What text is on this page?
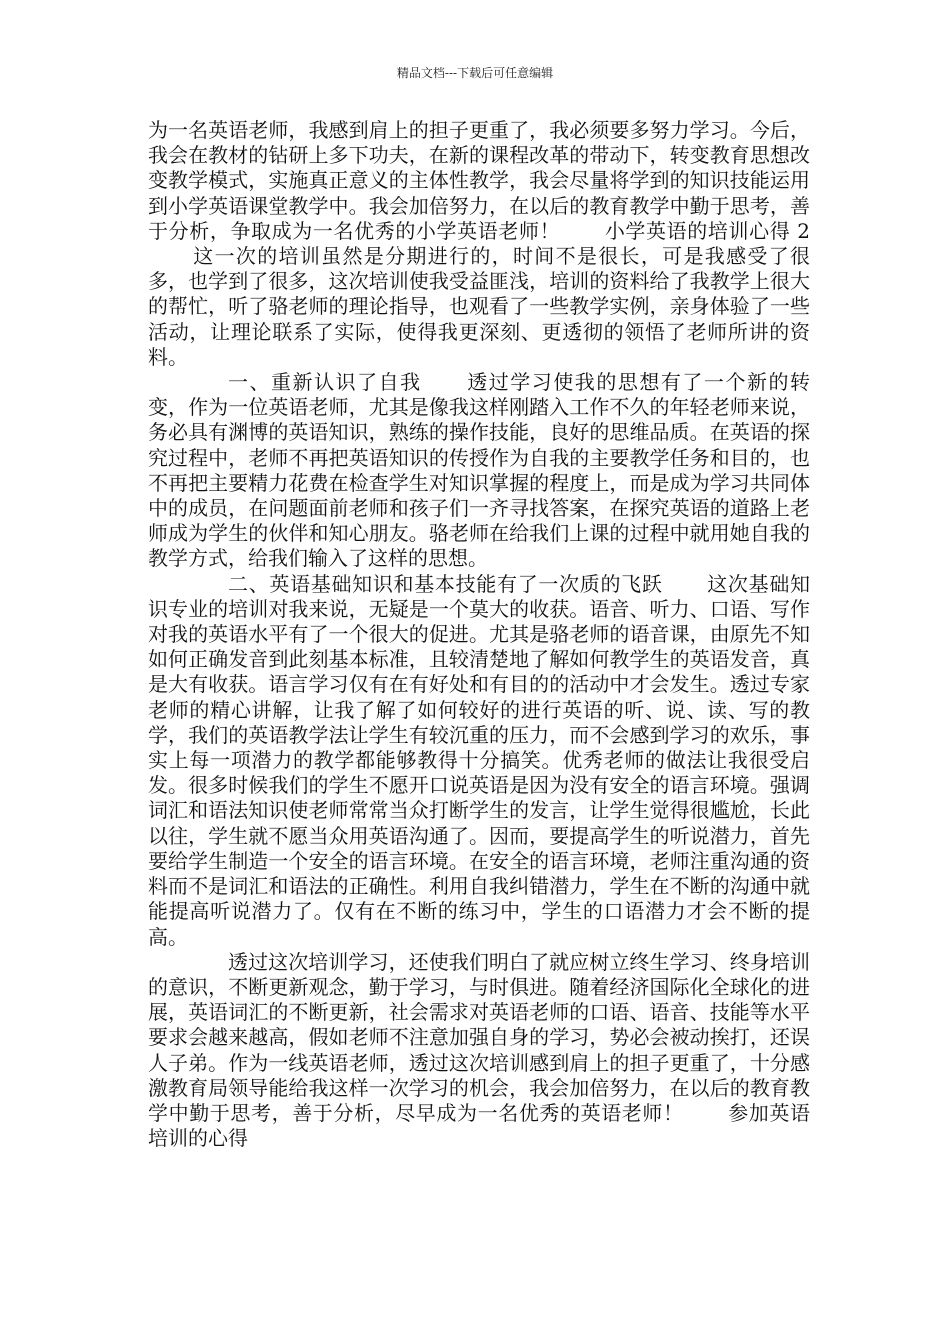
精品文档---下载后可任意编辑

为一名英语老师，我感到肩上的担子更重了，我必须要多努力学习。今后，我会在教材的钻研上多下功夫，在新的课程改革的带动下，转变教育思想改变教学模式，实施真正意义的主体性教学，我会尽量将学到的知识技能运用到小学英语课堂教学中。我会加倍努力，在以后的教育教学中勤于思考，善于分析，争取成为一名优秀的小学英语老师！ 小学英语的培训心得 2这一次的培训虽然是分期进行的，时间不是很长，可是我感受了很多，也学到了很多，这次培训使我受益匪浅，培训的资料给了我教学上很大的帮忙，听了骆老师的理论指导，也观看了一些教学实例，亲身体验了一些活动，让理论联系了实际，使得我更深刻、更透彻的领悟了老师所讲的资料。

一、重新认识了自我 透过学习使我的思想有了一个新的转变，作为一位英语老师，尤其是像我这样刚踏入工作不久的年轻老师来说，务必具有渊博的英语知识，熟练的操作技能，良好的思维品质。在英语的探究过程中，老师不再把英语知识的传授作为自我的主要教学任务和目的，也不再把主要精力花费在检查学生对知识掌握的程度上，而是成为学习共同体中的成员，在问题面前老师和孩子们一齐寻找答案，在探究英语的道路上老师成为学生的伙伴和知心朋友。骆老师在给我们上课的过程中就用她自我的教学方式，给我们输入了这样的思想。

二、英语基础知识和基本技能有了一次质的飞跃 这次基础知识专业的培训对我来说，无疑是一个莫大的收获。语音、听力、口语、写作对我的英语水平有了一个很大的促进。尤其是骆老师的语音课，由原先不知如何正确发音到此刻基本标准，且较清楚地了解如何教学生的英语发音，真是大有收获。语言学习仅有在有好处和有目的的活动中才会发生。透过专家老师的精心讲解，让我了解了如何较好的进行英语的听、说、读、写的教学，我们的英语教学法让学生有较沉重的压力，而不会感到学习的欢乐，事实上每一项潜力的教学都能够教得十分搞笑。优秀老师的做法让我很受启发。很多时候我们的学生不愿开口说英语是因为没有安全的语言环境。强调词汇和语法知识使老师常常当众打断学生的发言，让学生觉得很尴尬，长此以往，学生就不愿当众用英语沟通了。因而，要提高学生的听说潜力，首先要给学生制造一个安全的语言环境。在安全的语言环境，老师注重沟通的资料而不是词汇和语法的正确性。利用自我纠错潜力，学生在不断的沟通中就能提高听说潜力了。仅有在不断的练习中，学生的口语潜力才会不断的提高。

透过这次培训学习，还使我们明白了就应树立终生学习、终身培训的意识，不断更新观念，勤于学习，与时俱进。随着经济国际化全球化的进展，英语词汇的不断更新，社会需求对英语老师的口语、语音、技能等水平要求会越来越高，假如老师不注意加强自身的学习，势必会被动挨打，还误人子弟。作为一线英语老师，透过这次培训感到肩上的担子更重了，十分感激教育局领导能给我这样一次学习的机会，我会加倍努力，在以后的教育教学中勤于思考，善于分析，尽早成为一名优秀的英语老师！ 参加英语培训的心得
